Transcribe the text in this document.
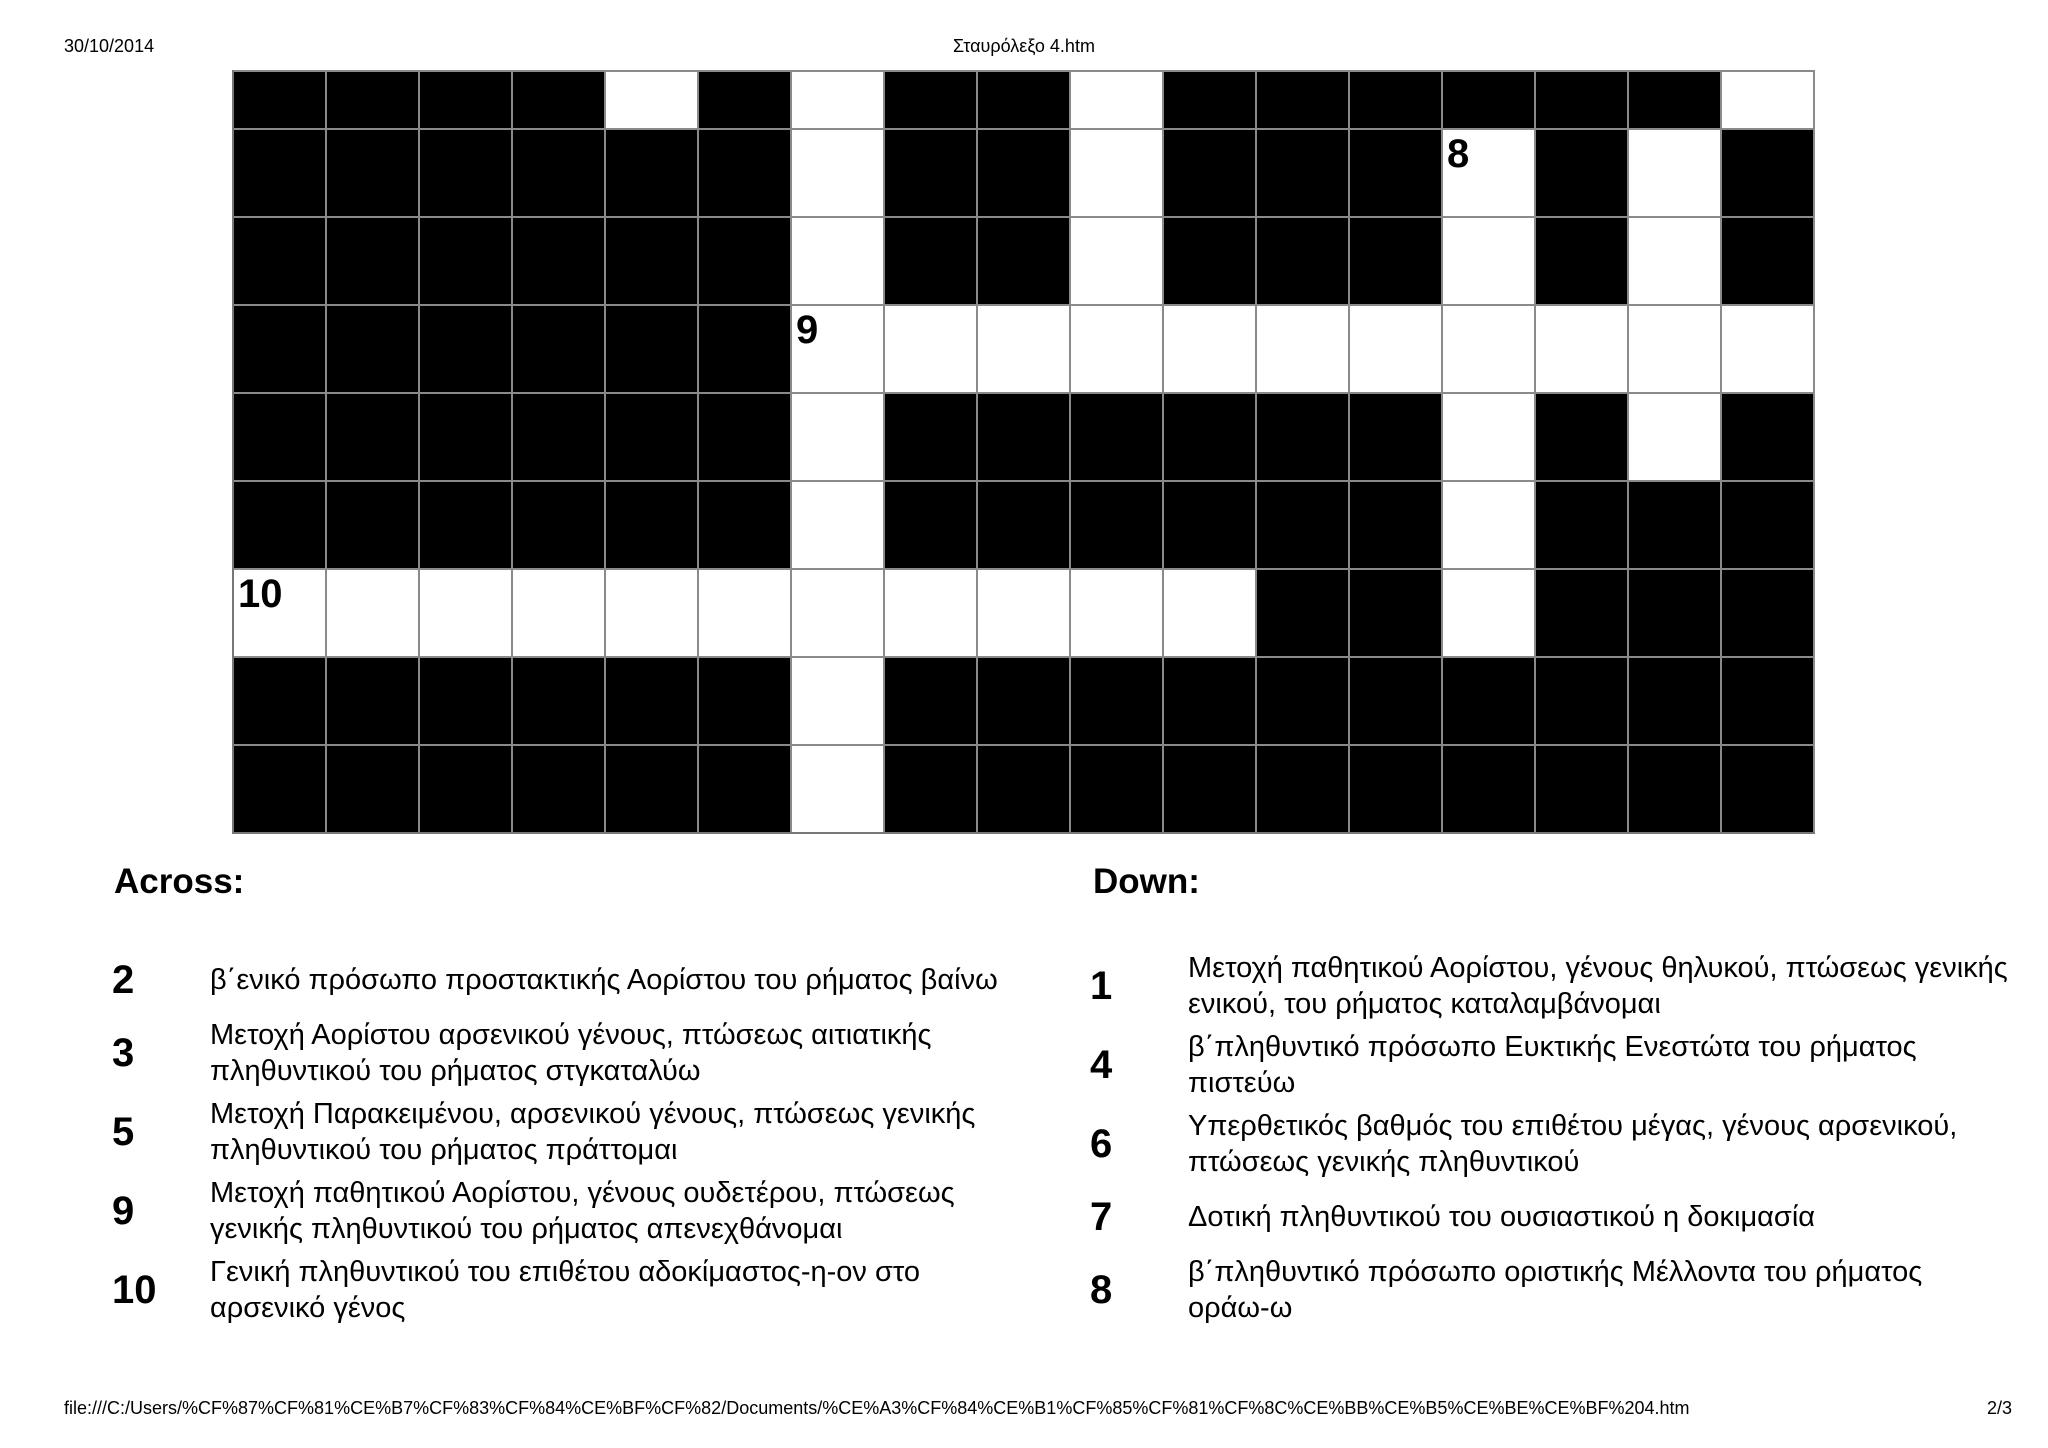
30/10/2014	Σταυρόλεξο 4.htm
8
9
10
Across:	Down:
2	β΄ενικό πρόσωπο προστακτικής Αορίστου του ρήματος βαίνω
3	Μετοχή Αορίστου αρσενικού γένους, πτώσεως αιτιατικής πληθυντικού του ρήματος στγκαταλύω
5	Μετοχή Παρακειμένου, αρσενικού γένους, πτώσεως γενικής πληθυντικού του ρήματος πράττομαι
9	Μετοχή παθητικού Αορίστου, γένους ουδετέρου, πτώσεως γενικής πληθυντικού του ρήματος απενεχθάνομαι
10	Γενική πληθυντικού του επιθέτου αδοκίμαστος-η-ον στο αρσενικό γένος
1	Μετοχή παθητικού Αορίστου, γένους θηλυκού, πτώσεως γενικής ενικού, του ρήματος καταλαμβάνομαι
4	β΄πληθυντικό πρόσωπο Ευκτικής Ενεστώτα του ρήματος πιστεύω
6	Υπερθετικός βαθμός του επιθέτου μέγας, γένους αρσενικού, πτώσεως γενικής πληθυντικού
7	Δοτική πληθυντικού του ουσιαστικού η δοκιμασία
8	β΄πληθυντικό πρόσωπο οριστικής Μέλλοντα του ρήματος οράω-ω
file:///C:/Users/%CF%87%CF%81%CE%B7%CF%83%CF%84%CE%BF%CF%82/Documents/%CE%A3%CF%84%CE%B1%CF%85%CF%81%CF%8C%CE%BB%CE%B5%CE%BE%CE%BF%204.htm	2/3
